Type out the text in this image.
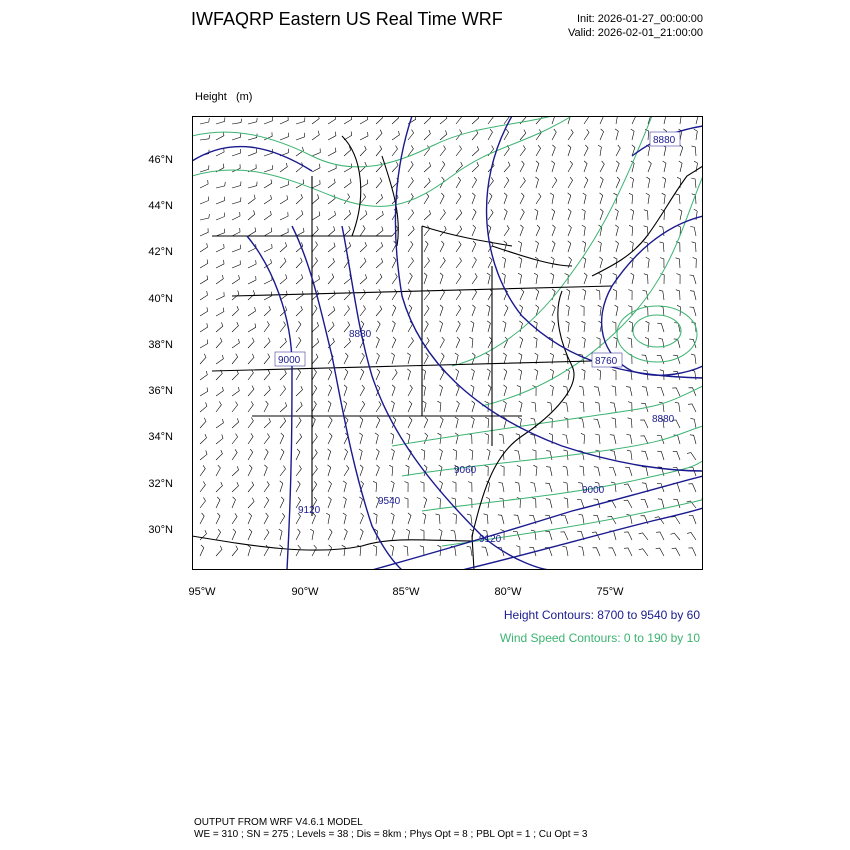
IWFAQRP Eastern US Real Time WRF	Init: 2026-01-27_00:00:00
Valid: 2026-02-01_21:00:00

Height   (m)

46°N
44°N
42°N
40°N
38°N
36°N
34°N
32°N
30°N
95°W	90°W	85°W	80°W	75°W
8880
8880
9000	8760
8880
9060
9000
9120
9540
9120
Height Contours: 8700 to 9540 by 60
Wind Speed Contours: 0 to 190 by 10
OUTPUT FROM WRF V4.6.1 MODEL
WE = 310 ; SN = 275 ; Levels = 38 ; Dis = 8km ; Phys Opt = 8 ; PBL Opt = 1 ; Cu Opt = 3
